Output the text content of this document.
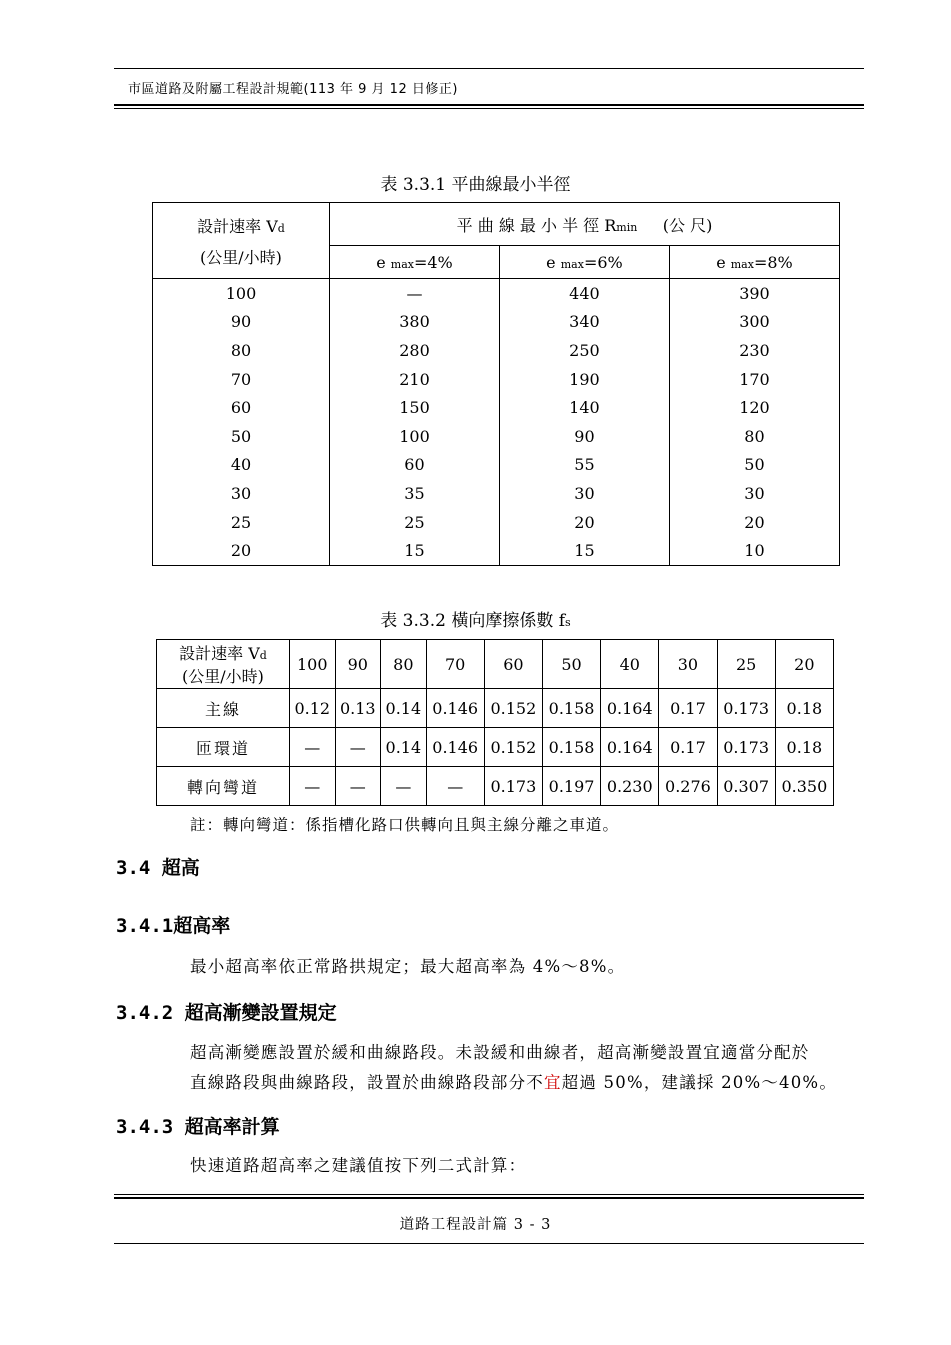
市區道路及附屬工程設計規範(113 年 9 月 12 日修正)
表 3.3.1 平曲線最小半徑
設計速率 Vd
(公里/小時)	平 曲 線 最 小 半 徑 Rmin (公 尺)		
	e max=4%	e max=6%	e max=8%
100	—	440	390
90	380	340	300
80	280	250	230
70	210	190	170
60	150	140	120
50	100	90	80
40	60	55	50
30	35	30	30
25	25	20	20
20	15	15	10
表 3.3.2 橫向摩擦係數 fs
設計速率 Vd
(公里/小時)	100	90	80	70	60	50	40	30	25	20
主線	0.12	0.13	0.14	0.146	0.152	0.158	0.164	0.17	0.173	0.18
匝環道	—	—	0.14	0.146	0.152	0.158	0.164	0.17	0.173	0.18
轉向彎道	—	—	—	—	0.173	0.197	0.230	0.276	0.307	0.350
註：轉向彎道：係指槽化路口供轉向且與主線分離之車道。
3.4 超高
3.4.1超高率
最小超高率依正常路拱規定；最大超高率為 4%～8%。
3.4.2 超高漸變設置規定
超高漸變應設置於緩和曲線路段。未設緩和曲線者，超高漸變設置宜適當分配於
直線路段與曲線路段，設置於曲線路段部分不宜超過 50%，建議採 20%～40%。
3.4.3 超高率計算
快速道路超高率之建議值按下列二式計算：
道路工程設計篇 3 - 3
